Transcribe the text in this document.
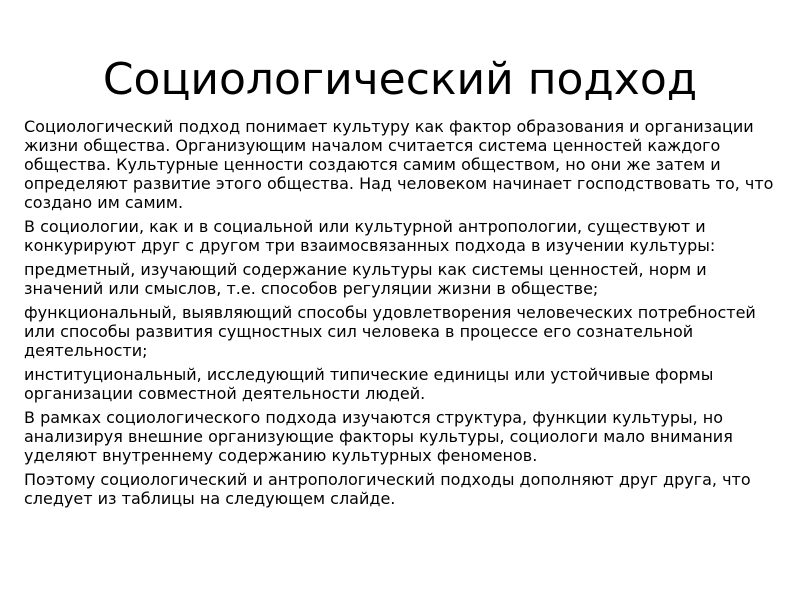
Социологический подход

Социологический подход понимает культуру как фактор образования и организации жизни общества. Организующим началом считается система ценностей каждого общества. Культурные ценности создаются самим обществом, но они же затем и определяют развитие этого общества. Над человеком начинает господствовать то, что создано им самим.

В социологии, как и в социальной или культурной антропологии, существуют и конкурируют друг с другом три взаимосвязанных подхода в изучении культуры:

предметный, изучающий содержание культуры как системы ценностей, норм и значений или смыслов, т.е. способов регуляции жизни в обществе;

функциональный, выявляющий способы удовлетворения человеческих потребностей или способы развития сущностных сил человека в процессе его сознательной деятельности;

институциональный, исследующий типические единицы или устойчивые формы организации совместной деятельности людей.

В рамках социологического подхода изучаются структура, функции культуры, но анализируя внешние организующие факторы культуры, социологи мало внимания уделяют внутреннему содержанию культурных феноменов.

Поэтому социологический и антропологический подходы дополняют друг друга, что следует из таблицы на следующем слайде.
